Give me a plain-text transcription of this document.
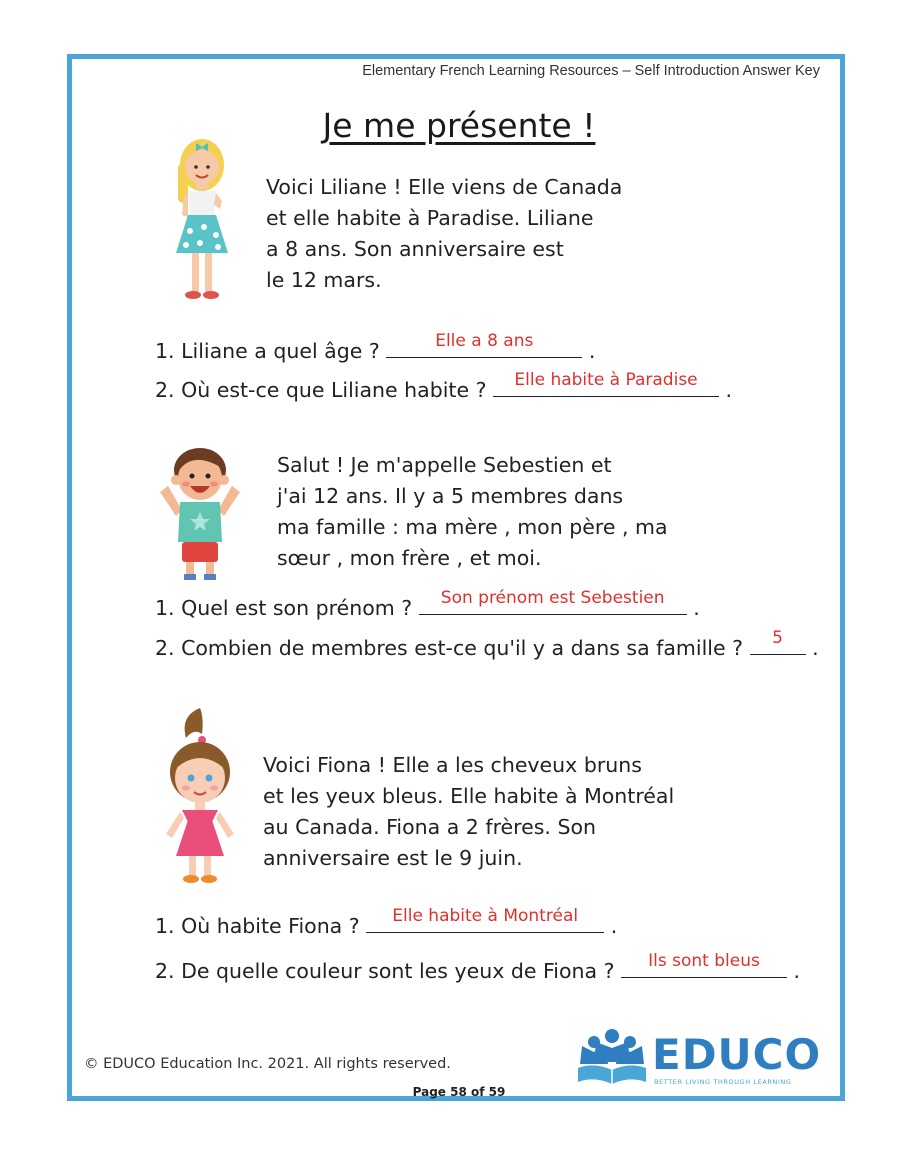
Elementary French Learning Resources – Self Introduction Answer Key
Je me présente !
Voici Liliane ! Elle viens de Canada
et elle habite à Paradise. Liliane
a 8 ans. Son anniversaire est
le 12 mars.
1. Liliane a quel âge ?	Elle a 8 ans	.
2. Où est-ce que Liliane habite ?	Elle habite à Paradise	.
Salut ! Je m'appelle Sebestien et
j'ai 12 ans. Il y a 5 membres dans
ma famille : ma mère , mon père , ma
sœur , mon frère , et moi.
1. Quel est son prénom ?	Son prénom est Sebestien	.
2. Combien de membres est-ce qu'il y a dans sa famille ?	5	.
Voici Fiona ! Elle a les cheveux bruns
et les yeux bleus. Elle habite à Montréal
au Canada. Fiona a 2 frères. Son
anniversaire est le 9 juin.
1. Où habite Fiona ?	Elle habite à Montréal	.
2. De quelle couleur sont les yeux de Fiona ?	Ils sont bleus	.
© EDUCO Education Inc. 2021. All rights reserved.	EDUCO
BETTER LIVING THROUGH LEARNING
Page 58 of 59
